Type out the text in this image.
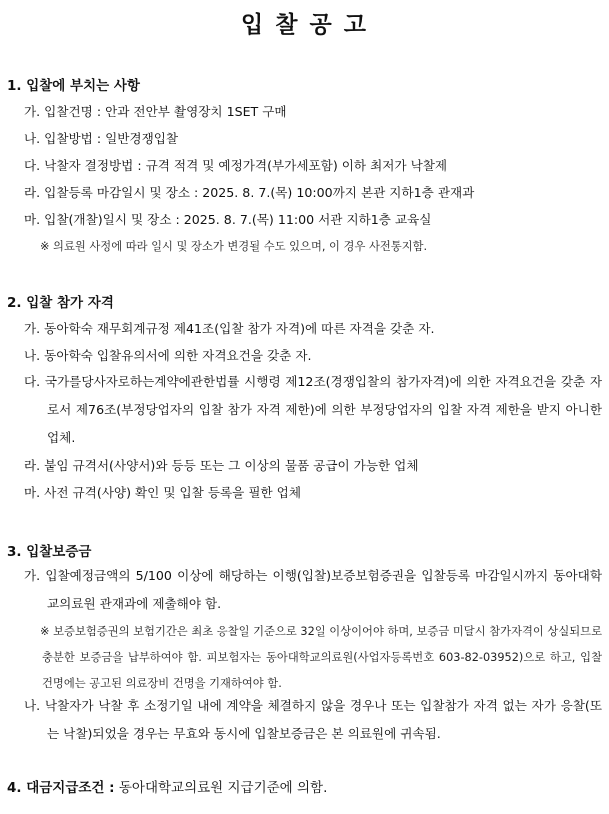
입 찰 공 고

1. 입찰에 부치는 사항

가. 입찰건명 : 안과 전안부 촬영장치 1SET 구매

나. 입찰방법 : 일반경쟁입찰

다. 낙찰자 결정방법 : 규격 적격 및 예정가격(부가세포함) 이하 최저가 낙찰제

라. 입찰등록 마감일시 및 장소 : 2025. 8. 7.(목) 10:00까지 본관 지하1층 관재과

마. 입찰(개찰)일시 및 장소 : 2025. 8. 7.(목) 11:00 서관 지하1층 교육실

※ 의료원 사정에 따라 일시 및 장소가 변경될 수도 있으며, 이 경우 사전통지함.

2. 입찰 참가 자격

가. 동아학숙 재무회계규정 제41조(입찰 참가 자격)에 따른 자격을 갖춘 자.

나. 동아학숙 입찰유의서에 의한 자격요건을 갖춘 자.

다. 국가를당사자로하는계약에관한법률 시행령 제12조(경쟁입찰의 참가자격)에 의한 자격요건을 갖춘 자로서 제76조(부정당업자의 입찰 참가 자격 제한)에 의한 부정당업자의 입찰 자격 제한을 받지 아니한 업체.

라. 붙임 규격서(사양서)와 등등 또는 그 이상의 물품 공급이 가능한 업체

마. 사전 규격(사양) 확인 및 입찰 등록을 필한 업체

3. 입찰보증금

가. 입찰예정금액의 5/100 이상에 해당하는 이행(입찰)보증보험증권을 입찰등록 마감일시까지 동아대학교의료원 관재과에 제출해야 함.

※ 보증보험증권의 보험기간은 최초 응찰일 기준으로 32일 이상이어야 하며, 보증금 미달시 참가자격이 상실되므로 충분한 보증금을 납부하여야 함. 피보험자는 동아대학교의료원(사업자등록번호 603-82-03952)으로 하고, 입찰건명에는 공고된 의료장비 건명을 기재하여야 함.

나. 낙찰자가 낙찰 후 소정기일 내에 계약을 체결하지 않을 경우나 또는 입찰참가 자격 없는 자가 응찰(또는 낙찰)되었을 경우는 무효와 동시에 입찰보증금은 본 의료원에 귀속됨.

4. 대금지급조건 : 동아대학교의료원 지급기준에 의함.
